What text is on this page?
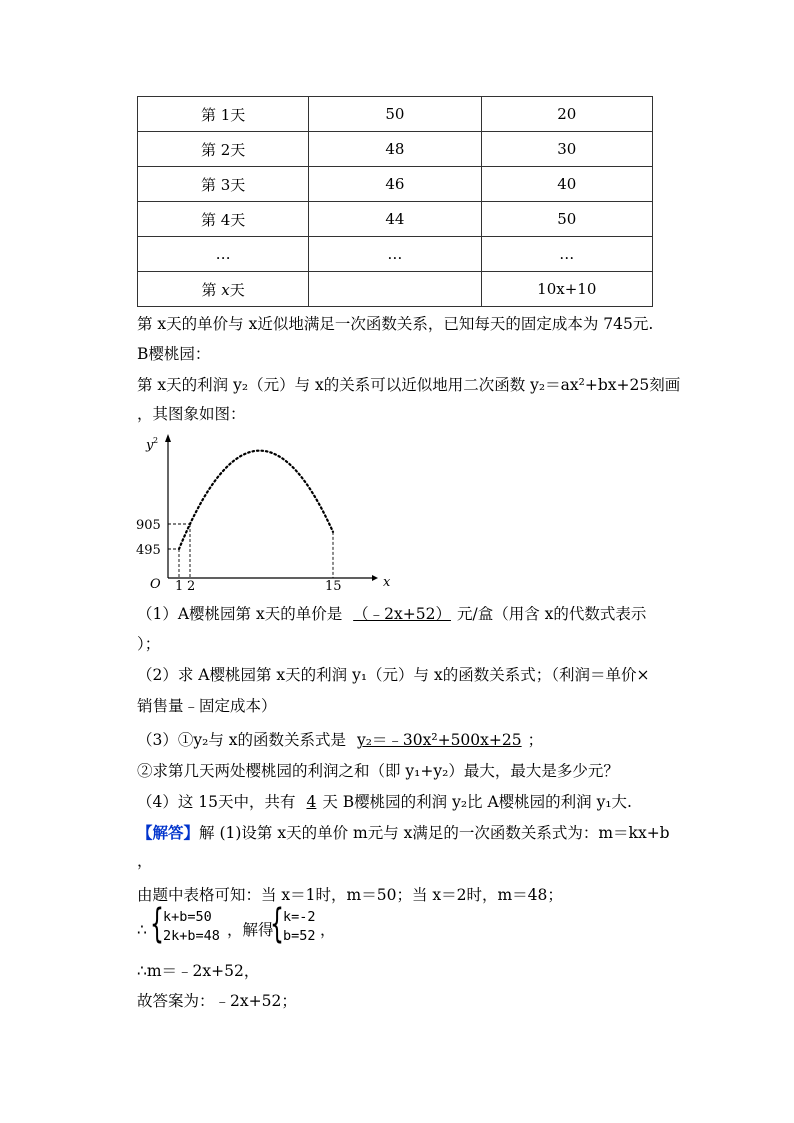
第 1天	50	20
第 2天	48	30
第 3天	46	40
第 4天	44	50
…	…	…
第 x天		10x+10
第 x天的单价与 x近似地满足一次函数关系，已知每天的固定成本为 745元.
B樱桃园：
第 x天的利润 y₂（元）与 x的关系可以近似地用二次函数 y₂＝ax²+bx+25刻画
，其图象如图：
y 2
O	x
1 2	15
905
495
（1）A樱桃园第 x天的单价是 （﹣2x+52） 元/盒（用含 x的代数式表示
）；
（2）求 A樱桃园第 x天的利润 y₁（元）与 x的函数关系式；（利润＝单价×
销售量﹣固定成本）
（3）①y₂与 x的函数关系式是 y₂＝﹣30x²+500x+25 ；
②求第几天两处樱桃园的利润之和（即 y₁+y₂）最大，最大是多少元？
（4）这 15天中，共有 4 天 B樱桃园的利润 y₂比 A樱桃园的利润 y₁大.
【解答】解 (1)设第 x天的单价 m元与 x满足的一次函数关系式为：m＝kx+b
，
由题中表格可知：当 x＝1时，m＝50；当 x＝2时，m＝48；
∴ { k+b=50
2k+b=48 ，解得
{ k=-2
b=52 ，
∴m＝﹣2x+52，
故答案为：﹣2x+52；
